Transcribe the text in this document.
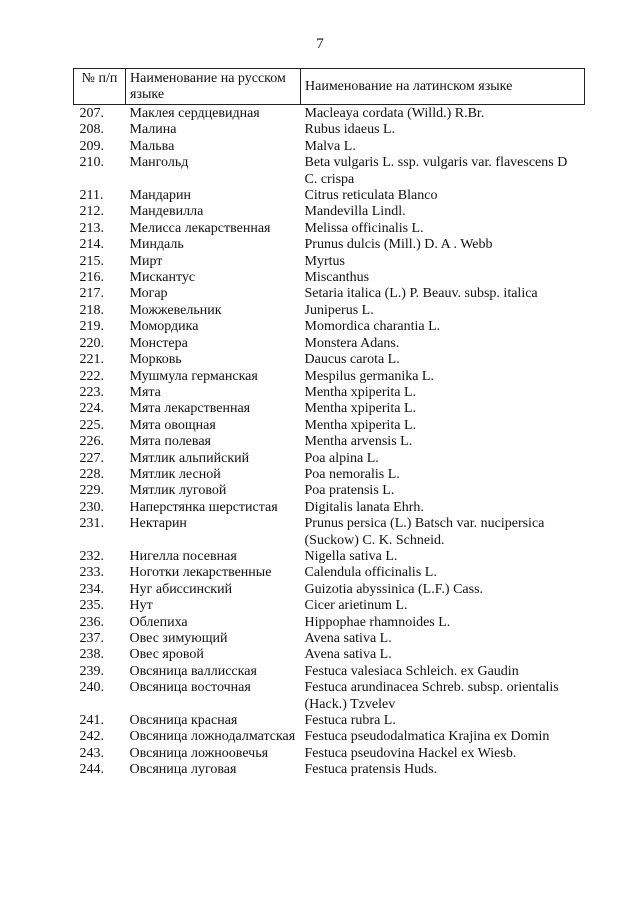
7
№ п/п	Наименование на русском языке	Наименование на латинском языке
207.	Маклея сердцевидная	Macleaya cordata (Willd.) R.Br.
208.	Малина	Rubus idaeus L.
209.	Мальва	Malva L.
210.	Мангольд	Beta vulgaris L. ssp. vulgaris var. flavescens D C. crispa
211.	Мандарин	Citrus reticulata Blanco
212.	Мандевилла	Mandevilla Lindl.
213.	Мелисса лекарственная	Melissa officinalis L.
214.	Миндаль	Prunus dulcis (Mill.) D. A . Webb
215.	Мирт	Myrtus
216.	Мискантус	Miscanthus
217.	Могар	Setaria italica (L.) P. Beauv. subsp. italica
218.	Можжевельник	Juniperus L.
219.	Момордика	Momordica charantia L.
220.	Монстера	Monstera Adans.
221.	Морковь	Daucus carota L.
222.	Мушмула германская	Mespilus germanika L.
223.	Мята	Mentha xpiperita L.
224.	Мята лекарственная	Mentha xpiperita L.
225.	Мята овощная	Mentha xpiperita L.
226.	Мята полевая	Mentha arvensis L.
227.	Мятлик альпийский	Poa alpina L.
228.	Мятлик лесной	Poa nemoralis L.
229.	Мятлик луговой	Poa pratensis L.
230.	Наперстянка шерстистая	Digitalis lanata Ehrh.
231.	Нектарин	Prunus persica (L.) Batsch var. nucipersica (Suckow) C. K. Schneid.
232.	Нигелла посевная	Nigella sativa L.
233.	Ноготки лекарственные	Calendula officinalis L.
234.	Нуг абиссинский	Guizotia abyssinica (L.F.) Cass.
235.	Нут	Cicer arietinum L.
236.	Облепиха	Hippophae rhamnoides L.
237.	Овес зимующий	Avena sativa L.
238.	Овес яровой	Avena sativa L.
239.	Овсяница валлисская	Festuca valesiaca Schleich. ex Gaudin
240.	Овсяница восточная	Festuca arundinacea Schreb. subsp. orientalis (Hack.) Tzvelev
241.	Овсяница красная	Festuca rubra L.
242.	Овсяница ложнодалматская	Festuca pseudodalmatica Krajina ex Domin
243.	Овсяница ложноовечья	Festuca pseudovina Hackel ex Wiesb.
244.	Овсяница луговая	Festuca pratensis Huds.
